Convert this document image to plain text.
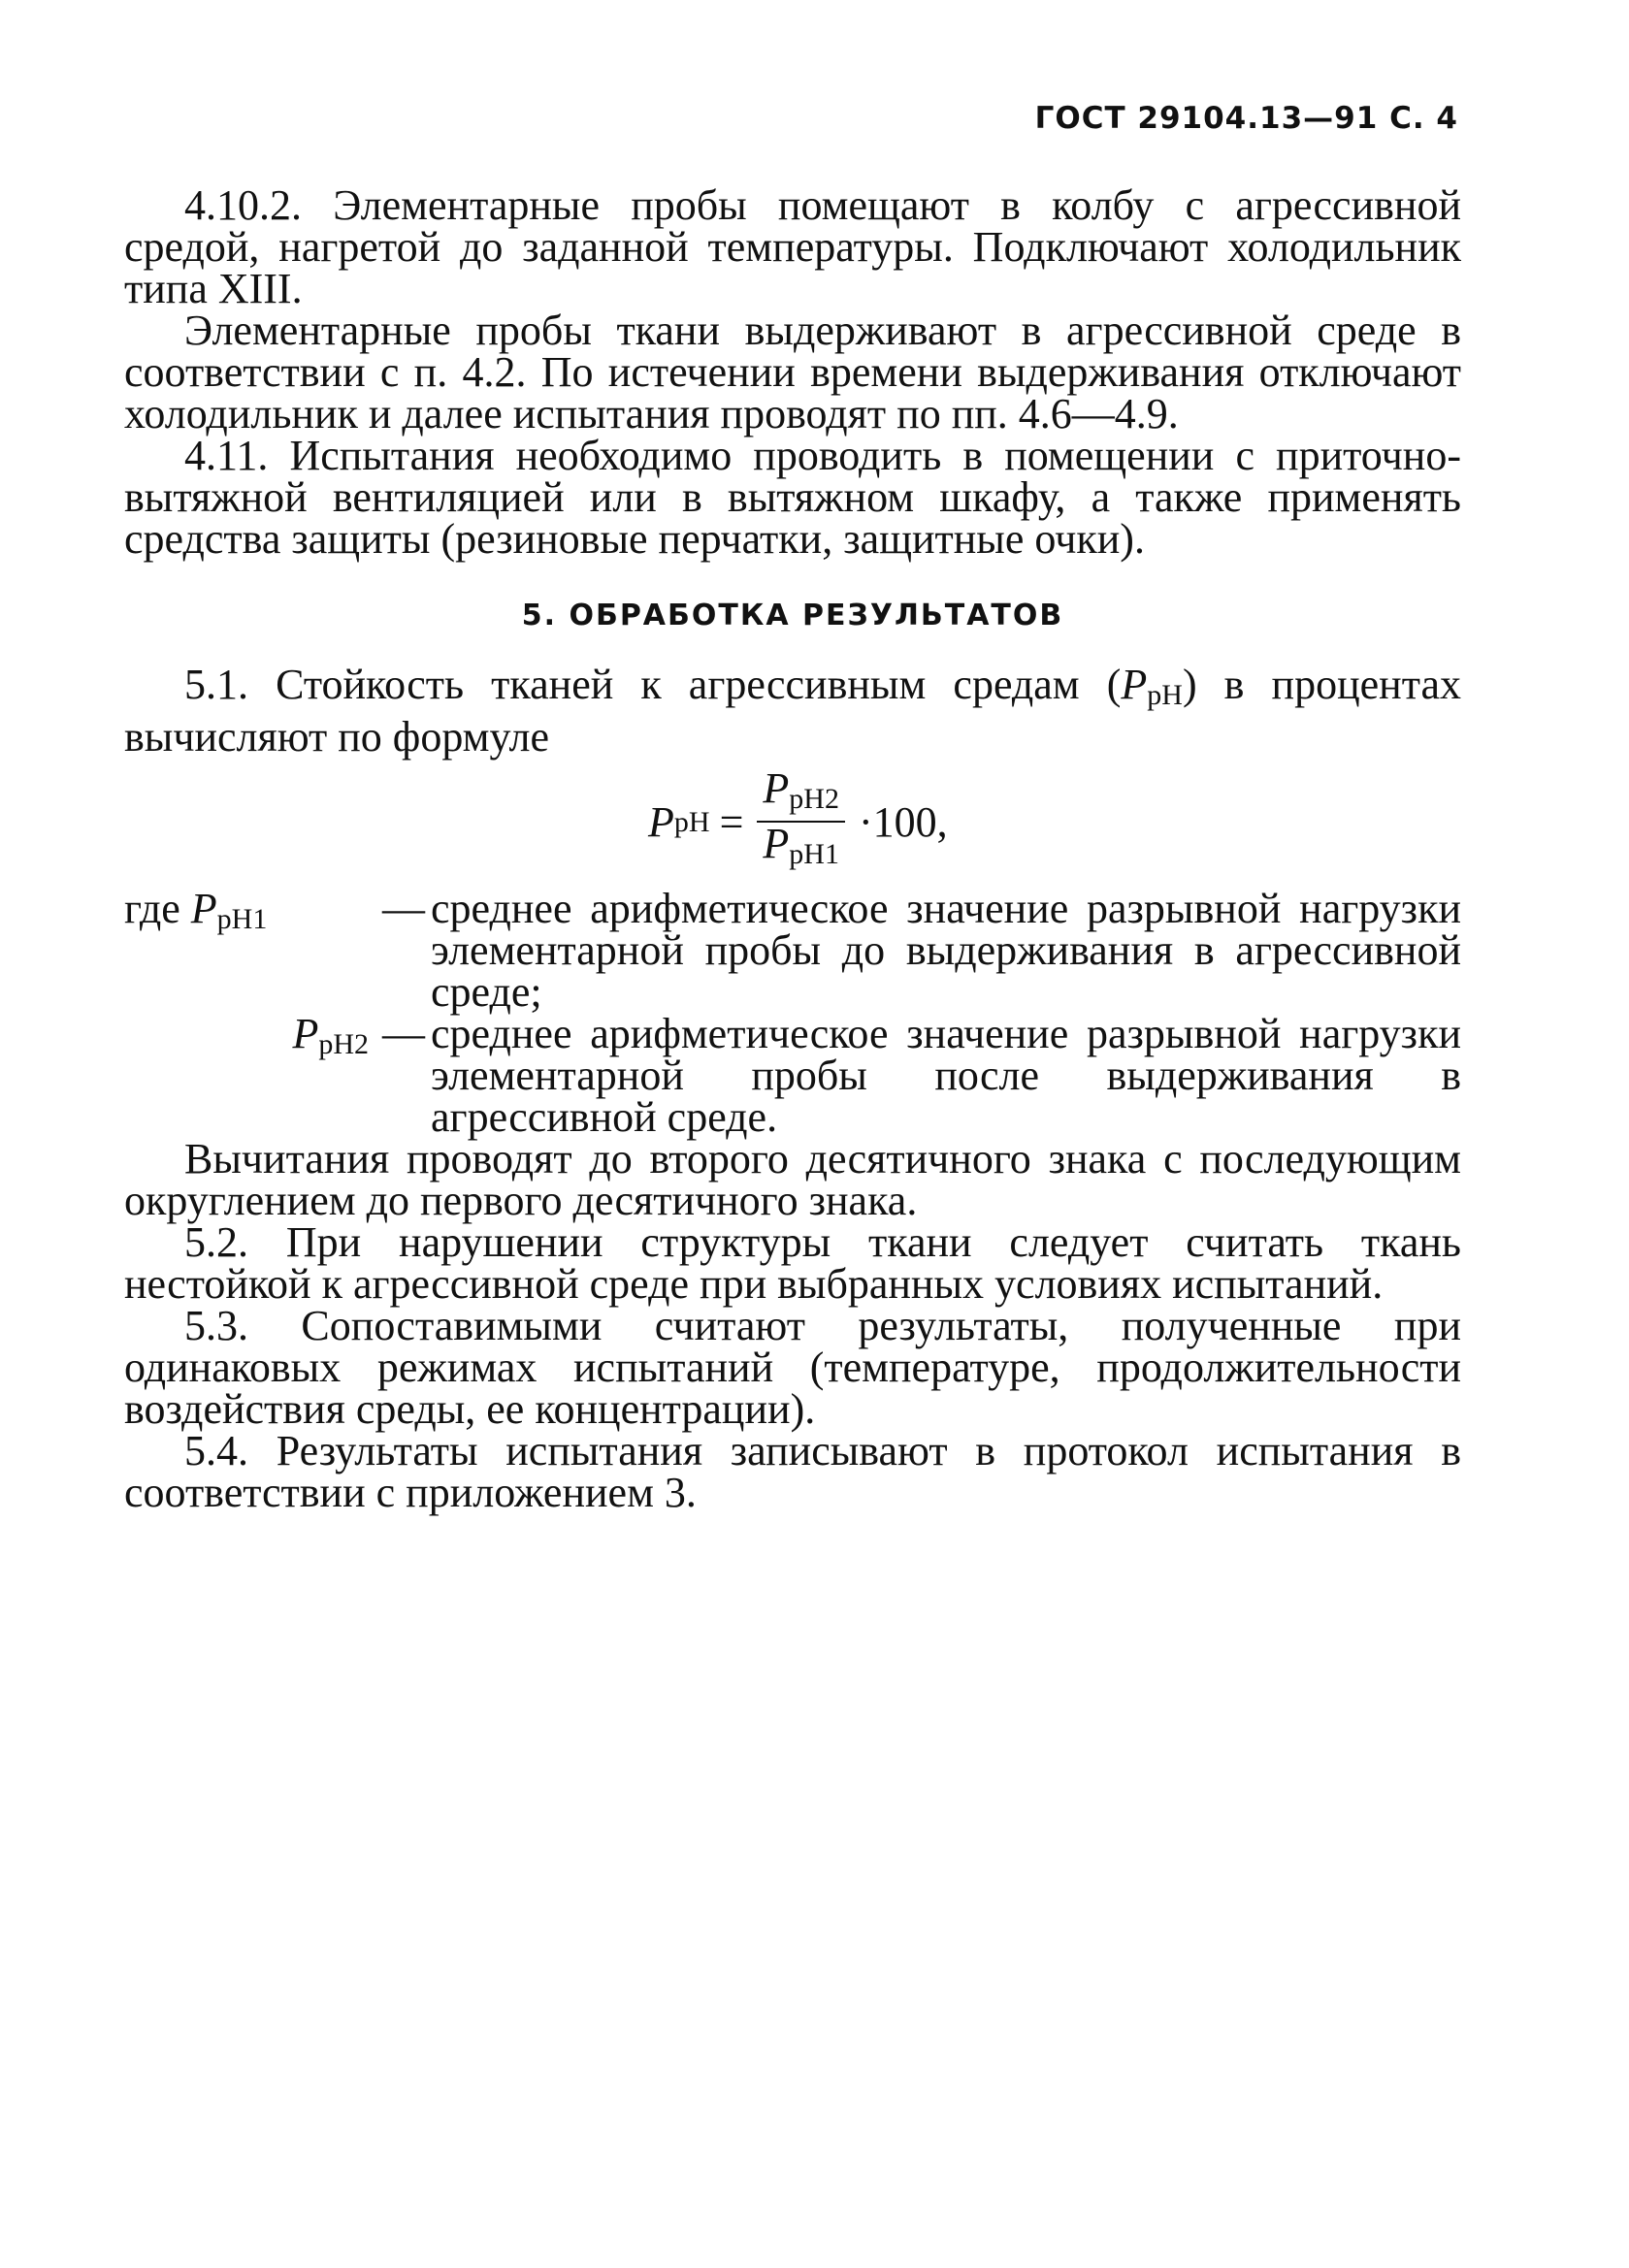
ГОСТ 29104.13—91 С. 4

4.10.2. Элементарные пробы помещают в колбу с агрессивной средой, нагретой до заданной температуры. Подключают холодильник типа XIII.

Элементарные пробы ткани выдерживают в агрессивной среде в соответствии с п. 4.2. По истечении времени выдерживания отключают холодильник и далее испытания проводят по пп. 4.6—4.9.

4.11. Испытания необходимо проводить в помещении с приточно-вытяжной вентиляцией или в вытяжном шкафу, а также применять средства защиты (резиновые перчатки, защитные очки).

5. ОБРАБОТКА РЕЗУЛЬТАТОВ

5.1. Стойкость тканей к агрессивным средам $(P_{рН})$ в процентах вычисляют по формуле

P рН = $\frac{P_{рН2}}{P_{рН1}} \cdot 100$,
где $P_{рН1}$	— среднее арифметическое значение разрывной нагрузки элементарной пробы до выдерживания в агрессивной среде;
$P_{рН2}$ — среднее арифметическое значение разрывной нагрузки элементарной пробы после выдерживания в агрессивной среде.

Вычитания проводят до второго десятичного знака с последующим округлением до первого десятичного знака.

5.2. При нарушении структуры ткани следует считать ткань нестойкой к агрессивной среде при выбранных условиях испытаний.

5.3. Сопоставимыми считают результаты, полученные при одинаковых режимах испытаний (температуре, продолжительности воздействия среды, ее концентрации).

5.4. Результаты испытания записывают в протокол испытания в соответствии с приложением 3.
